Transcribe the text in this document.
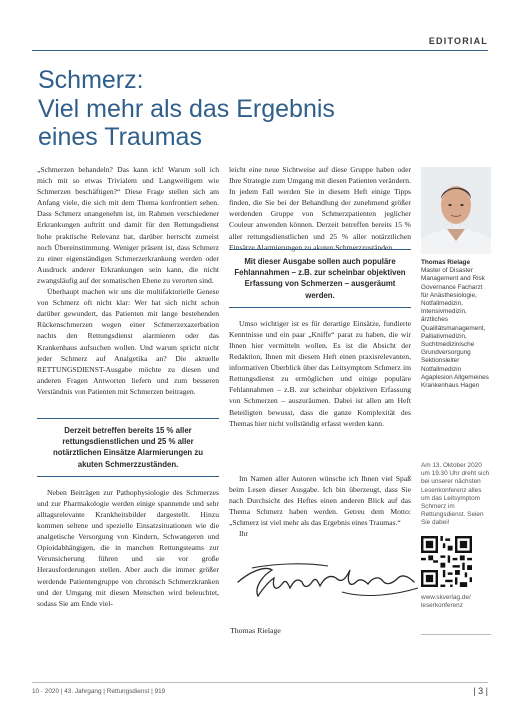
EDITORIAL
Schmerz:
Viel mehr als das Ergebnis
eines Traumas

„Schmerzen behandeln? Das kann ich! Warum soll ich mich mit so etwas Trivialem und Langweiligem wie Schmerzen beschäftigen?“ Diese Frage stellen sich am Anfang viele, die sich mit dem Thema konfrontiert sehen. Dass Schmerz unangenehm ist, im Rahmen verschiedener Erkrankungen auftritt und damit für den Rettungsdienst hohe praktische Relevanz hat, darüber herrscht zumeist noch Übereinstimmung. Weniger präsent ist, dass Schmerz zu einer eigenständigen Schmerzerkrankung werden oder Ausdruck anderer Erkrankungen sein kann, die nicht zwangsläufig auf der somatischen Ebene zu verorten sind.

Überhaupt machen wir uns die multifaktorielle Genese von Schmerz oft nicht klar: Wer hat sich nicht schon darüber gewundert, das Patienten mit lange bestehenden Rückenschmerzen wegen einer Schmerzexazerbation nachts den Rettungsdienst alarmieren oder das Krankenhaus aufsuchen wollen. Und warum spricht nicht jeder Schmerz auf Analgetika an? Die aktuelle RETTUNGSDIENST-Ausgabe möchte zu diesen und anderen Fragen Antworten liefern und zum besseren Verständnis von Patienten mit Schmerzen beitragen.

Derzeit betreffen bereits 15 % aller rettungsdienstlichen und 25 % aller notärztlichen Einsätze Alarmierungen zu akuten Schmerzzuständen.

Neben Beiträgen zur Pathophysiologie des Schmerzes und zur Pharmakologie werden einige spannende und sehr alltagsrelevante Krankheitsbilder dargestellt. Hinzu kommen seltene und spezielle Einsatzsituationen wie die analgetische Versorgung von Kindern, Schwangeren und Opioidabhängigen, die in manchen Rettungsteams zur Verunsicherung führen und sie vor große Herausforderungen stellen. Aber auch die immer größer werdende Patientengruppe von chronisch Schmerzkranken und der Umgang mit diesen Menschen wird beleuchtet, sodass Sie am Ende viel-

leicht eine neue Sichtweise auf diese Gruppe haben oder Ihre Strategie zum Umgang mit diesen Patienten verändern. In jedem Fall werden Sie in diesem Heft einige Tipps finden, die Sie bei der Behandlung der zunehmend größer werdenden Gruppe von Schmerzpatienten jeglicher Couleur anwenden können. Derzeit betreffen bereits 15 % aller rettungsdienstlichen und 25 % aller notärztlichen Einsätze Alarmierungen zu akuten Schmerzzuständen.

Mit dieser Ausgabe sollen auch populäre Fehlannahmen – z.B. zur scheinbar objektiven Erfassung von Schmerzen – ausgeräumt werden.

Umso wichtiger ist es für derartige Einsätze, fundierte Kenntnisse und ein paar „Kniffe“ parat zu haben, die wir Ihnen hier vermitteln wollen. Es ist die Absicht der Redaktion, Ihnen mit diesem Heft einen praxisrelevanten, informativen Überblick über das Leitsymptom Schmerz im Rettungsdienst zu ermöglichen und einige populäre Fehlannahmen – z.B. zur scheinbar objektiven Erfassung von Schmerzen – auszuräumen. Dabei ist allen am Heft Beteiligten bewusst, dass die ganze Komplexität des Themas hier nicht vollständig erfasst werden kann.

Im Namen aller Autoren wünsche ich Ihnen viel Spaß beim Lesen dieser Ausgabe. Ich bin überzeugt, dass Sie nach Durchsicht des Heftes einen anderen Blick auf das Thema Schmerz haben werden. Getreu dem Motto: „Schmerz ist viel mehr als das Ergebnis eines Traumas.“

Ihr

Thomas Rielage
Thomas Rielage
Master of Disaster Management and Risk Governance Facharzt für Anästhesiologie, Notfallmedizin, Intensivmedizin, ärztliches Qualitätsmanagement, Palliativmedizin, Suchtmedizinische Grundversorgung Sektionsleiter Notfallmedizin Agaplesion Allgemeines Krankenhaus Hagen
Am 13. Oktober 2020 um 19.30 Uhr dreht sich bei unserer nächsten Lesenkonferenz alles um das Leitsymptom Schmerz im Rettungsdienst. Seien Sie dabei!
www.skverlag.de/ leserkonferenz
10 · 2020 | 43. Jahrgang | Rettungsdienst | 919	| 3 |
